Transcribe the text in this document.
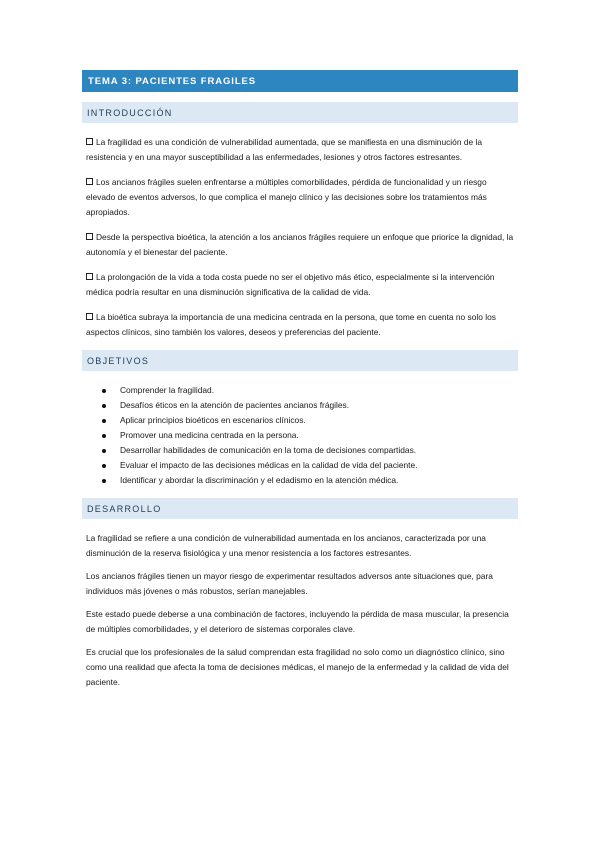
TEMA 3: PACIENTES FRAGILES
INTRODUCCIÓN

La fragilidad es una condición de vulnerabilidad aumentada, que se manifiesta en una disminución de la resistencia y en una mayor susceptibilidad a las enfermedades, lesiones y otros factores estresantes.

Los ancianos frágiles suelen enfrentarse a múltiples comorbilidades, pérdida de funcionalidad y un riesgo elevado de eventos adversos, lo que complica el manejo clínico y las decisiones sobre los tratamientos más apropiados.

Desde la perspectiva bioética, la atención a los ancianos frágiles requiere un enfoque que priorice la dignidad, la autonomía y el bienestar del paciente.

La prolongación de la vida a toda costa puede no ser el objetivo más ético, especialmente si la intervención médica podría resultar en una disminución significativa de la calidad de vida.

La bioética subraya la importancia de una medicina centrada en la persona, que tome en cuenta no solo los aspectos clínicos, sino también los valores, deseos y preferencias del paciente.

OBJETIVOS
Comprender la fragilidad.
Desafíos éticos en la atención de pacientes ancianos frágiles.
Aplicar principios bioéticos en escenarios clínicos.
Promover una medicina centrada en la persona.
Desarrollar habilidades de comunicación en la toma de decisiones compartidas.
Evaluar el impacto de las decisiones médicas en la calidad de vida del paciente.
Identificar y abordar la discriminación y el edadismo en la atención médica.
DESARROLLO

La fragilidad se refiere a una condición de vulnerabilidad aumentada en los ancianos, caracterizada por una disminución de la reserva fisiológica y una menor resistencia a los factores estresantes.

Los ancianos frágiles tienen un mayor riesgo de experimentar resultados adversos ante situaciones que, para individuos más jóvenes o más robustos, serían manejables.

Este estado puede deberse a una combinación de factores, incluyendo la pérdida de masa muscular, la presencia de múltiples comorbilidades, y el deterioro de sistemas corporales clave.

Es crucial que los profesionales de la salud comprendan esta fragilidad no solo como un diagnóstico clínico, sino como una realidad que afecta la toma de decisiones médicas, el manejo de la enfermedad y la calidad de vida del paciente.
